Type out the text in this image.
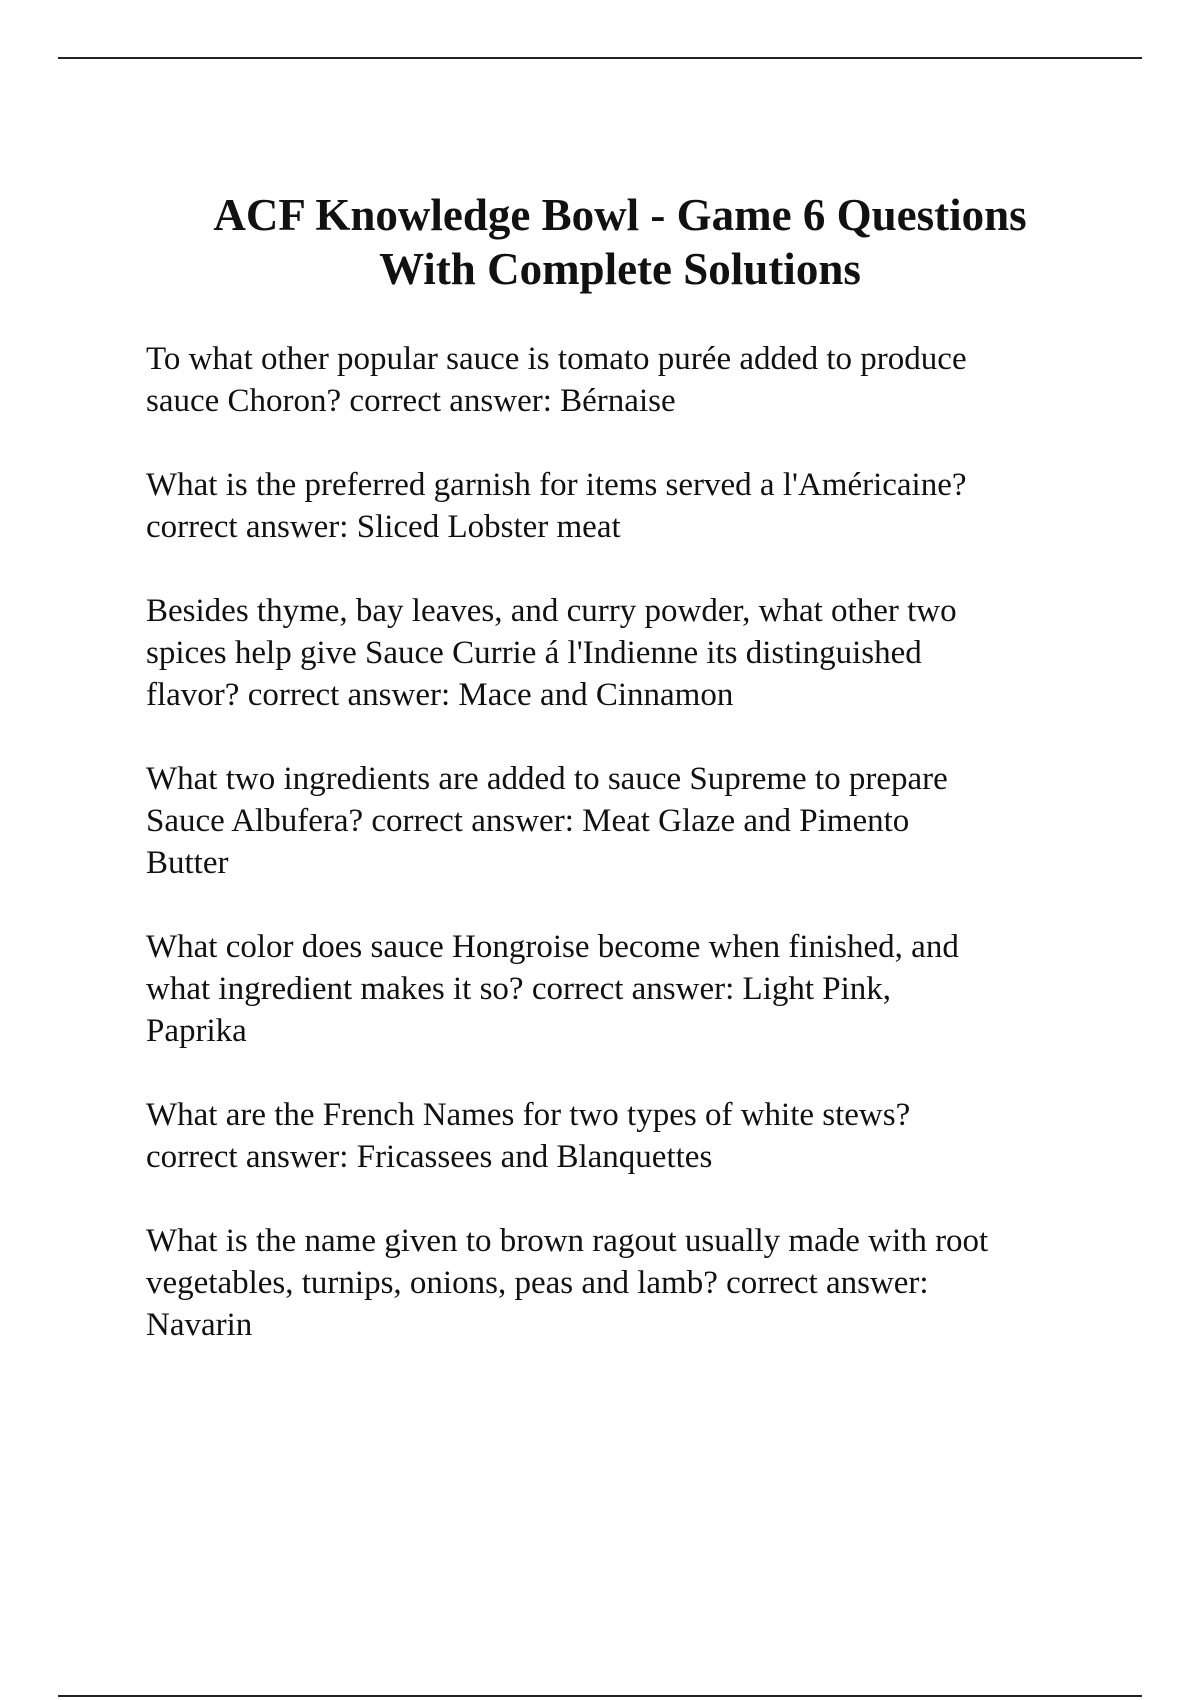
ACF Knowledge Bowl - Game 6 Questions
With Complete Solutions
To what other popular sauce is tomato purée added to produce
sauce Choron? correct answer: Bérnaise
What is the preferred garnish for items served a l'Américaine?
correct answer: Sliced Lobster meat
Besides thyme, bay leaves, and curry powder, what other two
spices help give Sauce Currie á l'Indienne its distinguished
flavor? correct answer: Mace and Cinnamon
What two ingredients are added to sauce Supreme to prepare
Sauce Albufera? correct answer: Meat Glaze and Pimento
Butter
What color does sauce Hongroise become when finished, and
what ingredient makes it so? correct answer: Light Pink,
Paprika
What are the French Names for two types of white stews?
correct answer: Fricassees and Blanquettes
What is the name given to brown ragout usually made with root
vegetables, turnips, onions, peas and lamb? correct answer:
Navarin
